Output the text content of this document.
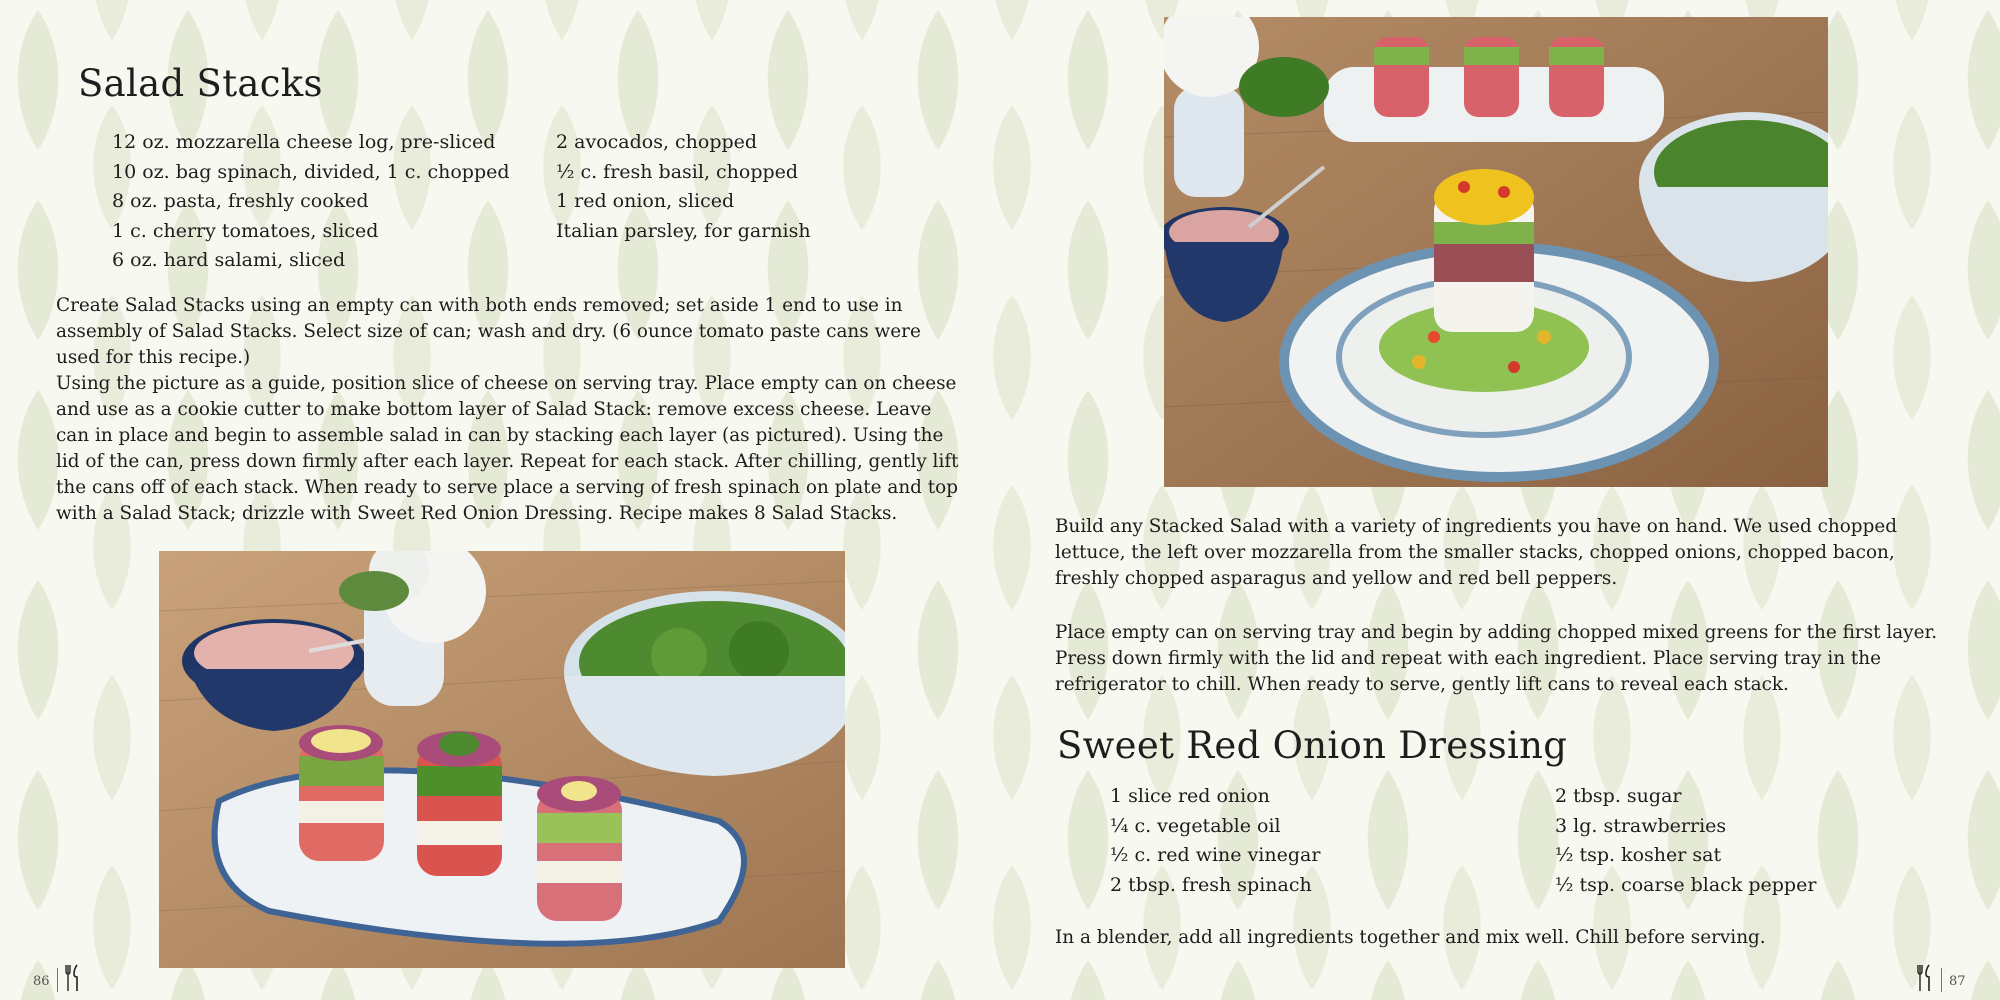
Salad Stacks
12 oz. mozzarella cheese log, pre-sliced
10 oz. bag spinach, divided, 1 c. chopped
8 oz. pasta, freshly cooked
1 c. cherry tomatoes, sliced
6 oz. hard salami, sliced
2 avocados, chopped
½ c. fresh basil, chopped
1 red onion, sliced
Italian parsley, for garnish

Create Salad Stacks using an empty can with both ends removed; set aside 1 end to use in assembly of Salad Stacks. Select size of can; wash and dry. (6 ounce tomato paste cans were used for this recipe.)

Using the picture as a guide, position slice of cheese on serving tray. Place empty can on cheese and use as a cookie cutter to make bottom layer of Salad Stack: remove excess cheese. Leave can in place and begin to assemble salad in can by stacking each layer (as pictured). Using the lid of the can, press down firmly after each layer. Repeat for each stack. After chilling, gently lift the cans off of each stack. When ready to serve place a serving of fresh spinach on plate and top with a Salad Stack; drizzle with Sweet Red Onion Dressing. Recipe makes 8 Salad Stacks.

86

Build any Stacked Salad with a variety of ingredients you have on hand. We used chopped lettuce, the left over mozzarella from the smaller stacks, chopped onions, chopped bacon, freshly chopped asparagus and yellow and red bell peppers.

Place empty can on serving tray and begin by adding chopped mixed greens for the first layer. Press down firmly with the lid and repeat with each ingredient. Place serving tray in the refrigerator to chill. When ready to serve, gently lift cans to reveal each stack.

Sweet Red Onion Dressing
1 slice red onion
¼ c. vegetable oil
½ c. red wine vinegar
2 tbsp. fresh spinach
2 tbsp. sugar
3 lg. strawberries
½ tsp. kosher sat
½ tsp. coarse black pepper

In a blender, add all ingredients together and mix well. Chill before serving.

87
